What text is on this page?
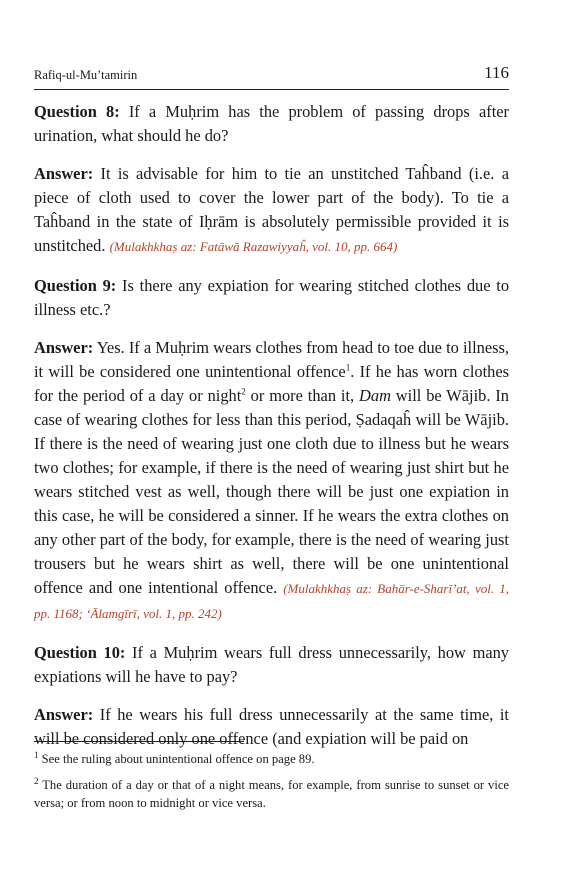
Rafiq-ul-Mu’tamirin	116

Question 8: If a Muḥrim has the problem of passing drops after urination, what should he do?

Answer: It is advisable for him to tie an unstitched Taĥband (i.e. a piece of cloth used to cover the lower part of the body). To tie a Taĥband in the state of Iḥrām is absolutely permissible provided it is unstitched. (Mulakhkhaṣ az: Fatāwā Razawiyyaĥ, vol. 10, pp. 664)

Question 9: Is there any expiation for wearing stitched clothes due to illness etc.?

Answer: Yes. If a Muḥrim wears clothes from head to toe due to illness, it will be considered one unintentional offence$^1$. If he has worn clothes for the period of a day or night$^2$ or more than it, Dam will be Wājib. In case of wearing clothes for less than this period, Ṣadaqaĥ will be Wājib. If there is the need of wearing just one cloth due to illness but he wears two clothes; for example, if there is the need of wearing just shirt but he wears stitched vest as well, though there will be just one expiation in this case, he will be considered a sinner. If he wears the extra clothes on any other part of the body, for example, there is the need of wearing just trousers but he wears shirt as well, there will be one unintentional offence and one intentional offence. (Mulakhkhaṣ az: Bahār-e-Sharī’at, vol. 1, pp. 1168; ‘Ālamgīrī, vol. 1, pp. 242)

Question 10: If a Muḥrim wears full dress unnecessarily, how many expiations will he have to pay?

Answer: If he wears his full dress unnecessarily at the same time, it will be considered only one offence (and expiation will be paid on

$^1$ See the ruling about unintentional offence on page 89.

$^2$ The duration of a day or that of a night means, for example, from sunrise to sunset or vice versa; or from noon to midnight or vice versa.
